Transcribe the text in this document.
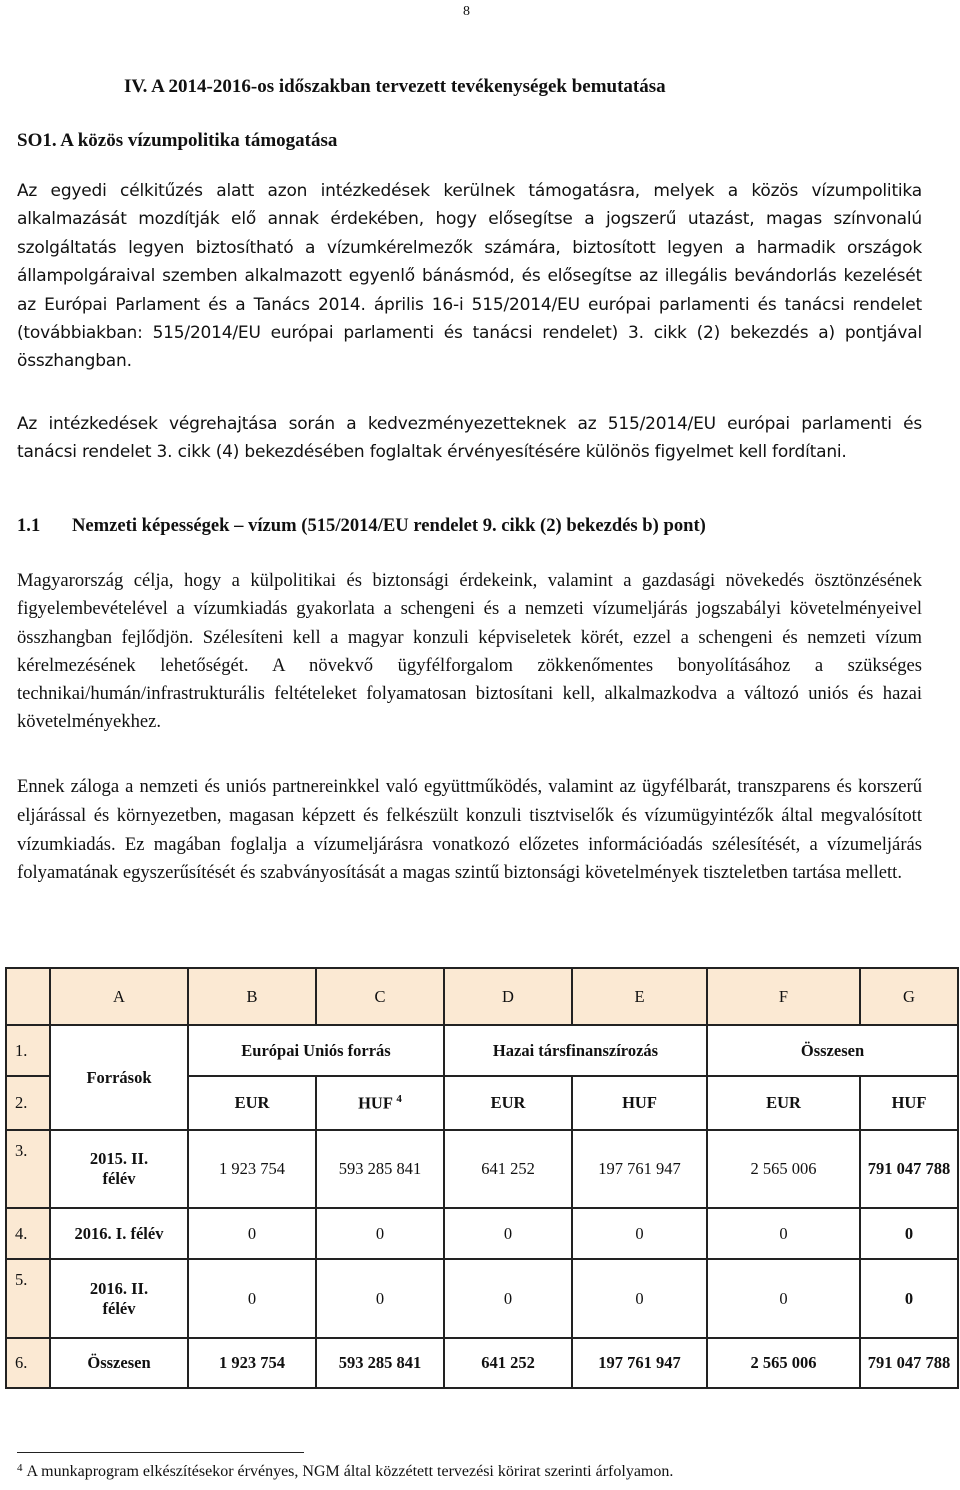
8
IV. A 2014-2016-os időszakban tervezett tevékenységek bemutatása
SO1. A közös vízumpolitika támogatása

Az egyedi célkitűzés alatt azon intézkedések kerülnek támogatásra, melyek a közös vízumpolitika alkalmazását mozdítják elő annak érdekében, hogy elősegítse a jogszerű utazást, magas színvonalú szolgáltatás legyen biztosítható a vízumkérelmezők számára, biztosított legyen a harmadik országok állampolgáraival szemben alkalmazott egyenlő bánásmód, és elősegítse az illegális bevándorlás kezelését az Európai Parlament és a Tanács 2014. április 16-i 515/2014/EU európai parlamenti és tanácsi rendelet (továbbiakban: 515/2014/EU európai parlamenti és tanácsi rendelet) 3. cikk (2) bekezdés a) pontjával összhangban.

Az intézkedések végrehajtása során a kedvezményezetteknek az 515/2014/EU európai parlamenti és tanácsi rendelet 3. cikk (4) bekezdésében foglaltak érvényesítésére különös figyelmet kell fordítani.

1.1 Nemzeti képességek – vízum (515/2014/EU rendelet 9. cikk (2) bekezdés b) pont)

Magyarország célja, hogy a külpolitikai és biztonsági érdekeink, valamint a gazdasági növekedés ösztönzésének figyelembevételével a vízumkiadás gyakorlata a schengeni és a nemzeti vízumeljárás jogszabályi követelményeivel összhangban fejlődjön. Szélesíteni kell a magyar konzuli képviseletek körét, ezzel a schengeni és nemzeti vízum kérelmezésének lehetőségét. A növekvő ügyfélforgalom zökkenőmentes bonyolításához a szükséges technikai/humán/infrastrukturális feltételeket folyamatosan biztosítani kell, alkalmazkodva a változó uniós és hazai követelményekhez.

Ennek záloga a nemzeti és uniós partnereinkkel való együttműködés, valamint az ügyfélbarát, transzparens és korszerű eljárással és környezetben, magasan képzett és felkészült konzuli tisztviselők és vízumügyintézők által megvalósított vízumkiadás. Ez magában foglalja a vízumeljárásra vonatkozó előzetes információadás szélesítését, a vízumeljárás folyamatának egyszerűsítését és szabványosítását a magas szintű biztonsági követelmények tiszteletben tartása mellett.

	A	B	C	D	E	F	G
1.	Források	Európai Uniós forrás		Hazai társfinanszírozás		Összesen	
2.		EUR	HUF $^4$	EUR	HUF	EUR	HUF
3.	2015. II. félév	1 923 754	593 285 841	641 252	197 761 947	2 565 006	791 047 788
4.	2016. I. félév	0	0	0	0	0	0
5.	2016. II. félév	0	0	0	0	0	0
6.	Összesen	1 923 754	593 285 841	641 252	197 761 947	2 565 006	791 047 788
$^4$ A munkaprogram elkészítésekor érvényes, NGM által közzétett tervezési körirat szerinti árfolyamon.
